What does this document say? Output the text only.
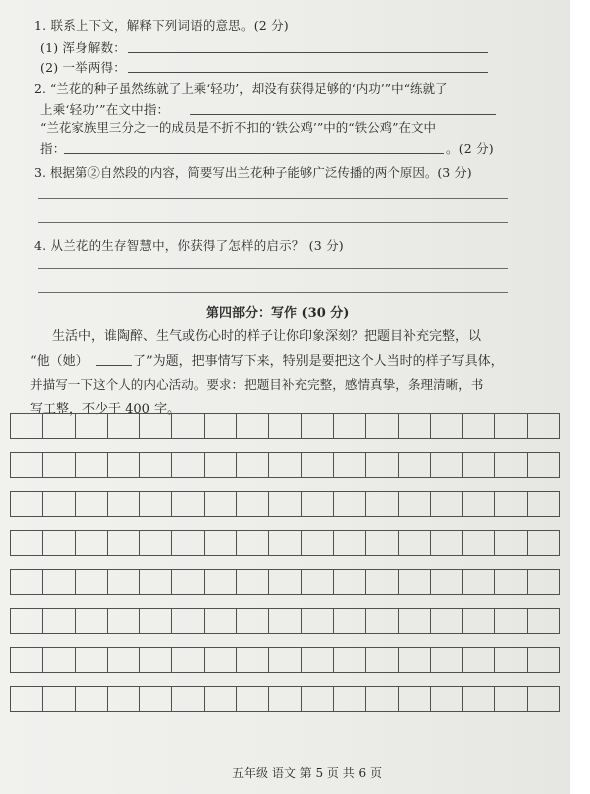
1. 联系上下文，解释下列词语的意思。(2 分)
(1) 浑身解数：
(2) 一举两得：
2. “兰花的种子虽然练就了上乘‘轻功’，却没有获得足够的‘内功’”中“练就了
上乘‘轻功’”在文中指：
“兰花家族里三分之一的成员是不折不扣的‘铁公鸡’”中的“铁公鸡”在文中
指：	。(2 分)
3. 根据第②自然段的内容，简要写出兰花种子能够广泛传播的两个原因。(3 分)
4. 从兰花的生存智慧中，你获得了怎样的启示？ (3 分)
第四部分：写作 (30 分)
生活中，谁陶醉、生气或伤心时的样子让你印象深刻？把题目补充完整，以
“他（她）	了”为题，把事情写下来，特别是要把这个人当时的样子写具体，
并描写一下这个人的内心活动。要求：把题目补充完整，感情真挚，条理清晰，书
写工整，不少于 400 字。
五年级 语文 第 5 页 共 6 页
